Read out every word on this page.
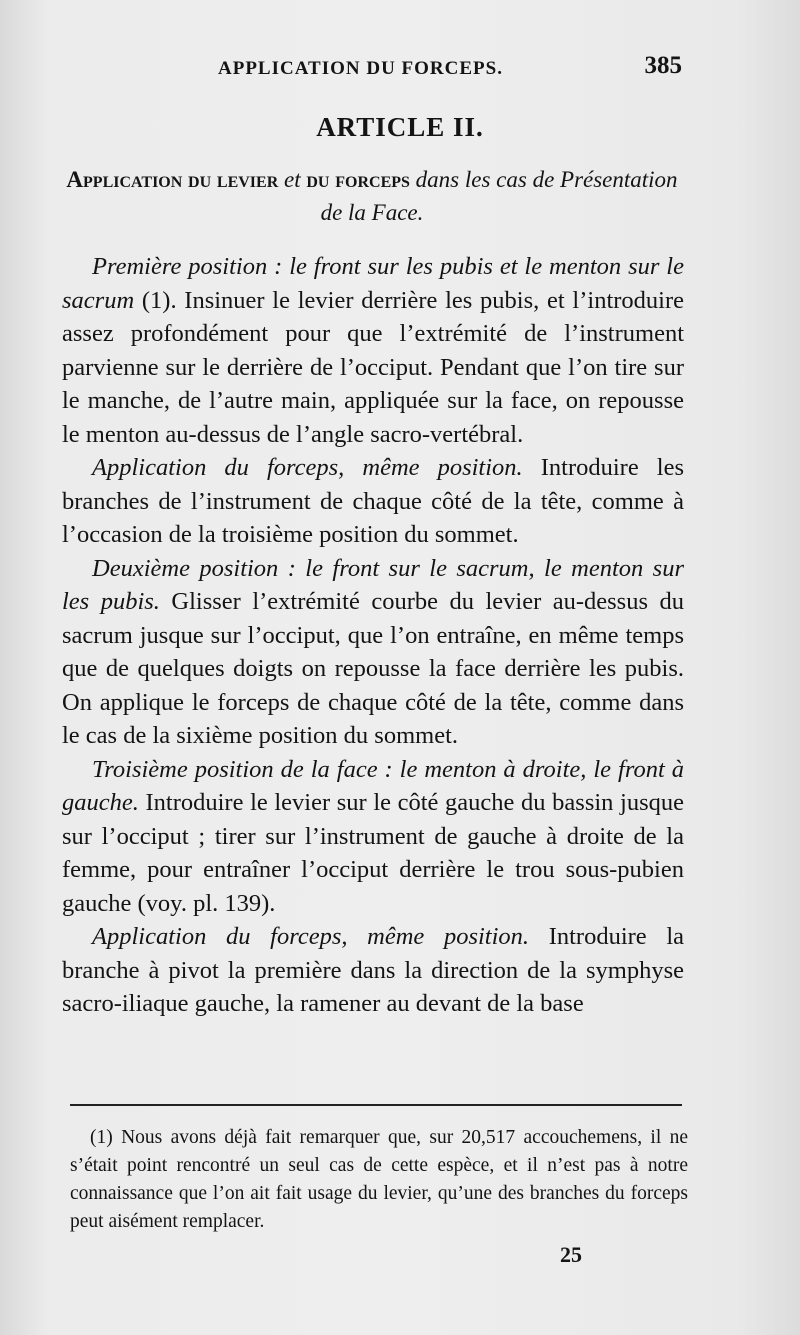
APPLICATION DU FORCEPS.	385
ARTICLE II.
Application du levier et du forceps dans les cas de Présentation de la Face.

Première position : le front sur les pubis et le menton sur le sacrum (1). Insinuer le levier derrière les pubis, et l’introduire assez profondément pour que l’extrémité de l’instrument parvienne sur le derrière de l’occiput. Pendant que l’on tire sur le manche, de l’autre main, appliquée sur la face, on repousse le menton au-dessus de l’angle sacro-vertébral.

Application du forceps, même position. Introduire les branches de l’instrument de chaque côté de la tête, comme à l’occasion de la troisième position du sommet.

Deuxième position : le front sur le sacrum, le menton sur les pubis. Glisser l’extrémité courbe du levier au-dessus du sacrum jusque sur l’occiput, que l’on entraîne, en même temps que de quelques doigts on repousse la face derrière les pubis. On applique le forceps de chaque côté de la tête, comme dans le cas de la sixième position du sommet.

Troisième position de la face : le menton à droite, le front à gauche. Introduire le levier sur le côté gauche du bassin jusque sur l’occiput ; tirer sur l’instrument de gauche à droite de la femme, pour entraîner l’occiput derrière le trou sous-pubien gauche (voy. pl. 139).

Application du forceps, même position. Introduire la branche à pivot la première dans la direction de la symphyse sacro-iliaque gauche, la ramener au devant de la base

(1) Nous avons déjà fait remarquer que, sur 20,517 accouchemens, il ne s’était point rencontré un seul cas de cette espèce, et il n’est pas à notre connaissance que l’on ait fait usage du levier, qu’une des branches du forceps peut aisément remplacer.
25
